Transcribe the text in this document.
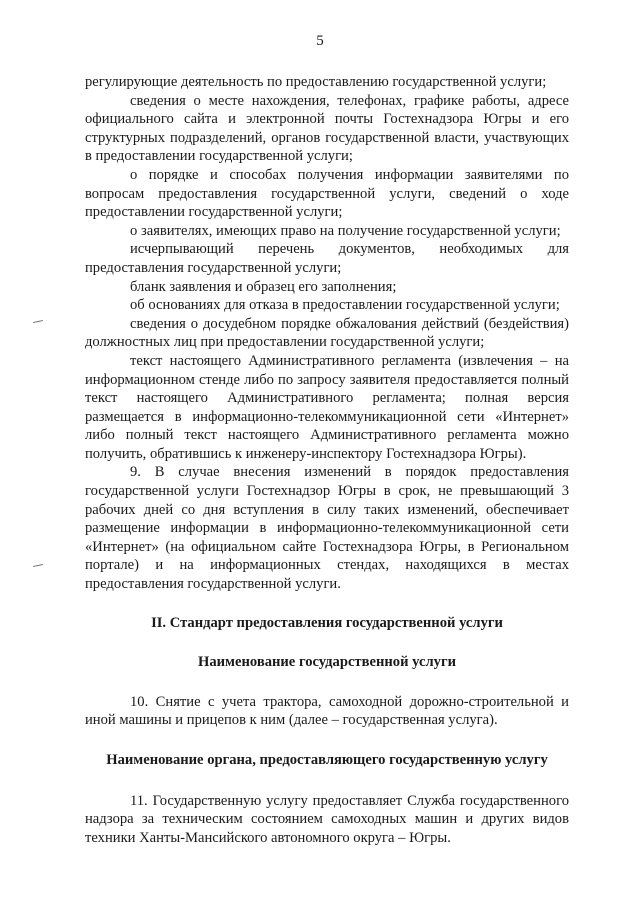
5

регулирующие деятельность по предоставлению государственной услуги;

сведения о месте нахождения, телефонах, графике работы, адресе официального сайта и электронной почты Гостехнадзора Югры и его структурных подразделений, органов государственной власти, участвующих в предоставлении государственной услуги;

о порядке и способах получения информации заявителями по вопросам предоставления государственной услуги, сведений о ходе предоставлении государственной услуги;

о заявителях, имеющих право на получение государственной услуги;

исчерпывающий перечень документов, необходимых для предоставления государственной услуги;

бланк заявления и образец его заполнения;

об основаниях для отказа в предоставлении государственной услуги;

сведения о досудебном порядке обжалования действий (бездействия) должностных лиц при предоставлении государственной услуги;

текст настоящего Административного регламента (извлечения – на информационном стенде либо по запросу заявителя предоставляется полный текст настоящего Административного регламента; полная версия размещается в информационно-телекоммуникационной сети «Интернет» либо полный текст настоящего Административного регламента можно получить, обратившись к инженеру-инспектору Гостехнадзора Югры).

9. В случае внесения изменений в порядок предоставления государственной услуги Гостехнадзор Югры в срок, не превышающий 3 рабочих дней со дня вступления в силу таких изменений, обеспечивает размещение информации в информационно-телекоммуникационной сети «Интернет» (на официальном сайте Гостехнадзора Югры, в Региональном портале) и на информационных стендах, находящихся в местах предоставления государственной услуги.

II. Стандарт предоставления государственной услуги
Наименование государственной услуги

10. Снятие с учета трактора, самоходной дорожно-строительной и иной машины и прицепов к ним (далее – государственная услуга).

Наименование органа, предоставляющего государственную услугу

11. Государственную услугу предоставляет Служба государственного надзора за техническим состоянием самоходных машин и других видов техники Ханты-Мансийского автономного округа – Югры.
